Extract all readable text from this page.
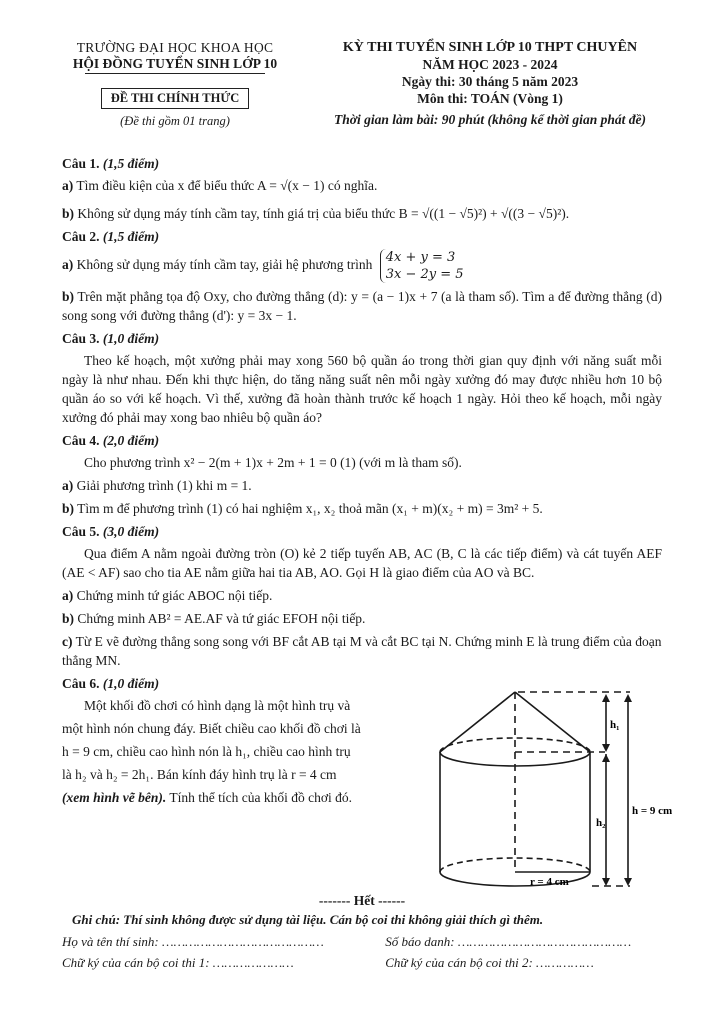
TRƯỜNG ĐẠI HỌC KHOA HỌC
HỘI ĐỒNG TUYỂN SINH LỚP 10
ĐỀ THI CHÍNH THỨC
(Đề thi gồm 01 trang)
KỲ THI TUYỂN SINH LỚP 10 THPT CHUYÊN
NĂM HỌC 2023 - 2024
Ngày thi: 30 tháng 5 năm 2023
Môn thi: TOÁN (Vòng 1)
Thời gian làm bài: 90 phút (không kể thời gian phát đề)
Câu 1. (1,5 điểm)
a) Tìm điều kiện của x để biểu thức A = √(x − 1) có nghĩa.
b) Không sử dụng máy tính cầm tay, tính giá trị của biểu thức B = √((1 − √5)²) + √((3 − √5)²).
Câu 2. (1,5 điểm)
a) Không sử dụng máy tính cầm tay, giải hệ phương trình 4x + y = 3
3x − 2y = 5
b) Trên mặt phẳng tọa độ Oxy, cho đường thẳng (d): y = (a − 1)x + 7 (a là tham số). Tìm a để đường thẳng (d) song song với đường thẳng (d'): y = 3x − 1.
Câu 3. (1,0 điểm)
Theo kế hoạch, một xưởng phải may xong 560 bộ quần áo trong thời gian quy định với năng suất mỗi ngày là như nhau. Đến khi thực hiện, do tăng năng suất nên mỗi ngày xưởng đó may được nhiều hơn 10 bộ quần áo so với kế hoạch. Vì thế, xưởng đã hoàn thành trước kế hoạch 1 ngày. Hỏi theo kế hoạch, mỗi ngày xưởng đó phải may xong bao nhiêu bộ quần áo?
Câu 4. (2,0 điểm)
Cho phương trình x² − 2(m + 1)x + 2m + 1 = 0 (1) (với m là tham số).
a) Giải phương trình (1) khi m = 1.
b) Tìm m để phương trình (1) có hai nghiệm x₁, x₂ thoả mãn (x₁ + m)(x₂ + m) = 3m² + 5.
Câu 5. (3,0 điểm)
Qua điểm A nằm ngoài đường tròn (O) kẻ 2 tiếp tuyến AB, AC (B, C là các tiếp điểm) và cát tuyến AEF (AE < AF) sao cho tia AE nằm giữa hai tia AB, AO. Gọi H là giao điểm của AO và BC.
a) Chứng minh tứ giác ABOC nội tiếp.
b) Chứng minh AB² = AE.AF và tứ giác EFOH nội tiếp.
c) Từ E vẽ đường thẳng song song với BF cắt AB tại M và cắt BC tại N. Chứng minh E là trung điểm của đoạn thẳng MN.
Câu 6. (1,0 điểm)
Một khối đồ chơi có hình dạng là một hình trụ và
một hình nón chung đáy. Biết chiều cao khối đồ chơi là
h = 9 cm, chiều cao hình nón là h₁, chiều cao hình trụ
là h₂ và h₂ = 2h₁. Bán kính đáy hình trụ là r = 4 cm
(xem hình vẽ bên). Tính thể tích của khối đồ chơi đó.
h₁
h₂
h = 9 cm
r = 4 cm
------- Hết ------
Ghi chú: Thí sinh không được sử dụng tài liệu. Cán bộ coi thi không giải thích gì thêm.
Họ và tên thí sinh: ……………………………………	Số báo danh: ………………………………………
Chữ ký của cán bộ coi thi 1: …………………	Chữ ký của cán bộ coi thi 2: ……………
